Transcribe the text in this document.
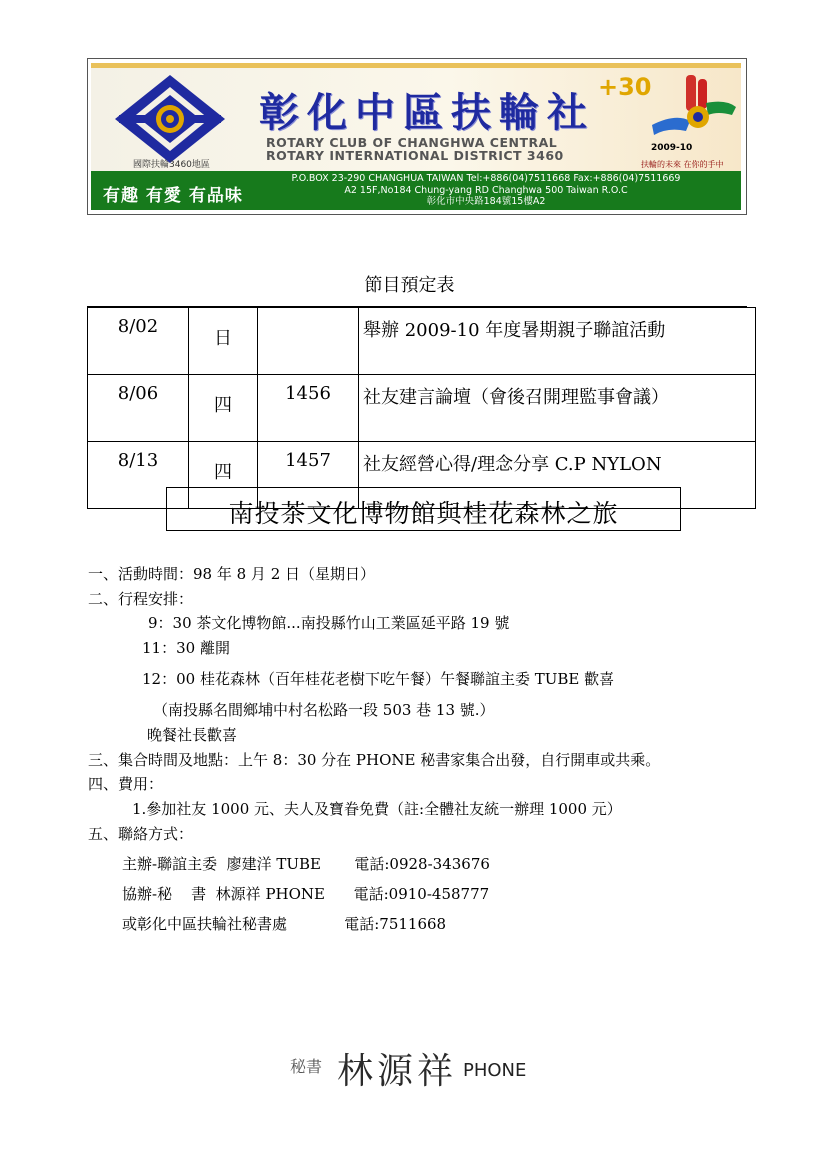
國際扶輪3460地區
彰化中區扶輪社
+30
ROTARY CLUB OF CHANGHWA CENTRAL
ROTARY INTERNATIONAL DISTRICT 3460	2009-10
扶輪的未來 在你的手中
有趣 有愛 有品味
P.O.BOX 23-290 CHANGHUA TAIWAN Tel:+886(04)7511668 Fax:+886(04)7511669
A2 15F,No184 Chung-yang RD Changhwa 500 Taiwan R.O.C
彰化市中央路184號15樓A2
節目預定表
8/02	日		舉辦 2009-10 年度暑期親子聯誼活動
8/06	四	1456	社友建言論壇（會後召開理監事會議）
8/13	四	1457	社友經營心得/理念分享 C.P NYLON
南投茶文化博物館與桂花森林之旅
一、活動時間：98 年 8 月 2 日（星期日）
二、行程安排：
9：30 茶文化博物館...南投縣竹山工業區延平路 19 號
11：30 離開
12：00 桂花森林（百年桂花老樹下吃午餐）午餐聯誼主委 TUBE 歡喜
（南投縣名間鄉埔中村名松路一段 503 巷 13 號.）
晚餐社長歡喜
三、集合時間及地點：上午 8：30 分在 PHONE 秘書家集合出發，自行開車或共乘。
四、費用：
1.參加社友 1000 元、夫人及寶眷免費（註:全體社友統一辦理 1000 元）
五、聯絡方式：
主辦-聯誼主委  廖建洋 TUBE       電話:0928-343676
協辦-秘    書  林源祥 PHONE      電話:0910-458777
或彰化中區扶輪社秘書處            電話:7511668
秘書 林源祥 PHONE
